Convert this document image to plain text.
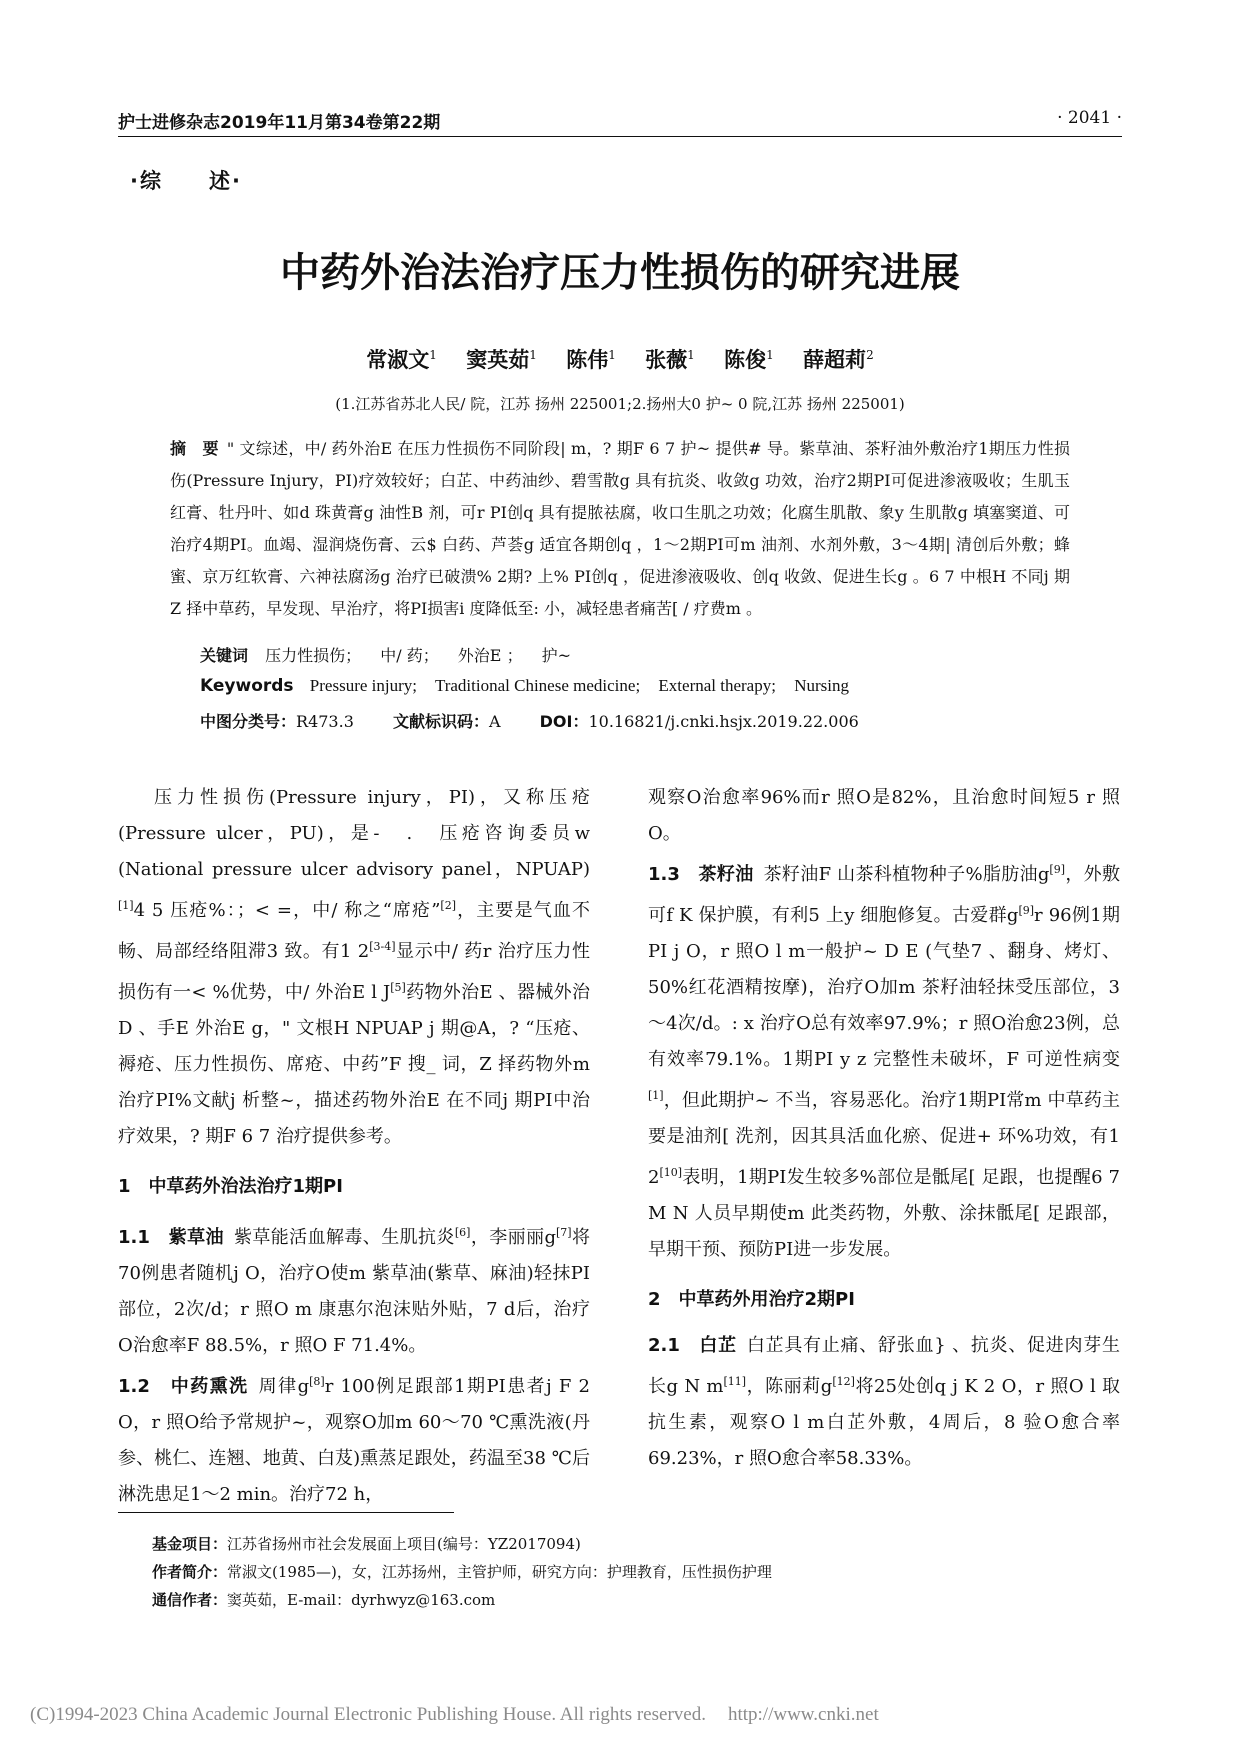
护士进修杂志2019年11月第34卷第22期	· 2041 ·
·综　　述·
中药外治法治疗压力性损伤的研究进展
常淑文$^1$ 窦英茹$^1$ 陈伟$^1$ 张薇$^1$ 陈俊$^1$ 薛超莉$^2$
(1.江苏省苏北人民/ 院，江苏 扬州 225001;2.扬州大0 护~ 0 院,江苏 扬州 225001)
摘　要 " 文综述，中/ 药外治E 在压力性损伤不同阶段| m，? 期F 6 7 护~ 提供# 导。紫草油、茶籽油外敷治疗1期压力性损伤(Pressure Injury，PI)疗效较好；白芷、中药油纱、碧雪散g 具有抗炎、收敛g 功效，治疗2期PI可促进渗液吸收；生肌玉红膏、牡丹叶、如d 珠黄膏g 油性B 剂，可r PI创q 具有提脓祛腐，收口生肌之功效；化腐生肌散、象y 生肌散g 填塞窦道、可治疗4期PI。血竭、湿润烧伤膏、云$ 白药、芦荟g 适宜各期创q ，1～2期PI可m 油剂、水剂外敷，3～4期| 清创后外敷；蜂蜜、京万红软膏、六神祛腐汤g 治疗已破溃% 2期? 上% PI创q ，促进渗液吸收、创q 收敛、促进生长g 。6 7 中根H 不同j 期Z 择中草药，早发现、早治疗，将PI损害i 度降低至: 小，减轻患者痛苦[ / 疗费m 。
关键词 压力性损伤； 中/ 药； 外治E ； 护~
Keywords Pressure injury; Traditional Chinese medicine; External therapy; Nursing
中图分类号：R473.3 文献标识码：A DOI：10.16821/j.cnki.hsjx.2019.22.006

压力性损伤(Pressure injury，PI)，又称压疮(Pressure ulcer，PU)，是-　.　压疮咨询委员w (National pressure ulcer advisory panel，NPUAP)[1]4 5 压疮%：；< =，中/ 称之“席疮”[2]，主要是气血不畅、局部经络阻滞3 致。有1 2[3-4]显示中/ 药r 治疗压力性损伤有一< %优势，中/ 外治E l J[5]药物外治E 、器械外治D 、手E 外治E g，" 文根H NPUAP j 期@A，? “压疮、褥疮、压力性损伤、席疮、中药”F 搜_ 词，Z 择药物外m 治疗PI%文献j 析整~，描述药物外治E 在不同j 期PI中治疗效果，? 期F 6 7 治疗提供参考。

1　中草药外治法治疗1期PI

1.1　紫草油 紫草能活血解毒、生肌抗炎[6]，李丽丽g[7]将70例患者随机j O，治疗O使m 紫草油(紫草、麻油)轻抹PI部位，2次/d；r 照O m 康惠尔泡沫贴外贴，7 d后，治疗O治愈率F 88.5%，r 照O F 71.4%。

1.2　中药熏洗 周律g[8]r 100例足跟部1期PI患者j F 2 O，r 照O给予常规护~，观察O加m 60～70 ℃熏洗液(丹参、桃仁、连翘、地黄、白芨)熏蒸足跟处，药温至38 ℃后淋洗患足1～2 min。治疗72 h，

观察O治愈率96%而r 照O是82%，且治愈时间短5 r 照O。

1.3　茶籽油 茶籽油F 山茶科植物种子%脂肪油g[9]，外敷可f K 保护膜，有利5 上y 细胞修复。古爱群g[9]r 96例1期PI j O，r 照O l m一般护~ D E (气垫7 、翻身、烤灯、50%红花酒精按摩)，治疗O加m 茶籽油轻抹受压部位，3～4次/d。: x 治疗O总有效率97.9%；r 照O治愈23例，总有效率79.1%。1期PI y z 完整性未破坏，F 可逆性病变[1]，但此期护~ 不当，容易恶化。治疗1期PI常m 中草药主要是油剂[ 洗剂，因其具活血化瘀、促进+ 环%功效，有1 2[10]表明，1期PI发生较多%部位是骶尾[ 足跟，也提醒6 7 M N 人员早期使m 此类药物，外敷、涂抹骶尾[ 足跟部，早期干预、预防PI进一步发展。

2　中草药外用治疗2期PI

2.1　白芷 白芷具有止痛、舒张血} 、抗炎、促进肉芽生长g N m[11]，陈丽莉g[12]将25处创q j K 2 O，r 照O l 取抗生素，观察O l m白芷外敷，4周后，8 验O愈合率69.23%，r 照O愈合率58.33%。

基金项目：江苏省扬州市社会发展面上项目(编号：YZ2017094)
作者简介：常淑文(1985—)，女，江苏扬州，主管护师，研究方向：护理教育，压性损伤护理
通信作者：窦英茹，E-mail：dyrhwyz@163.com
(C)1994-2023 China Academic Journal Electronic Publishing House. All rights reserved. http://www.cnki.net
